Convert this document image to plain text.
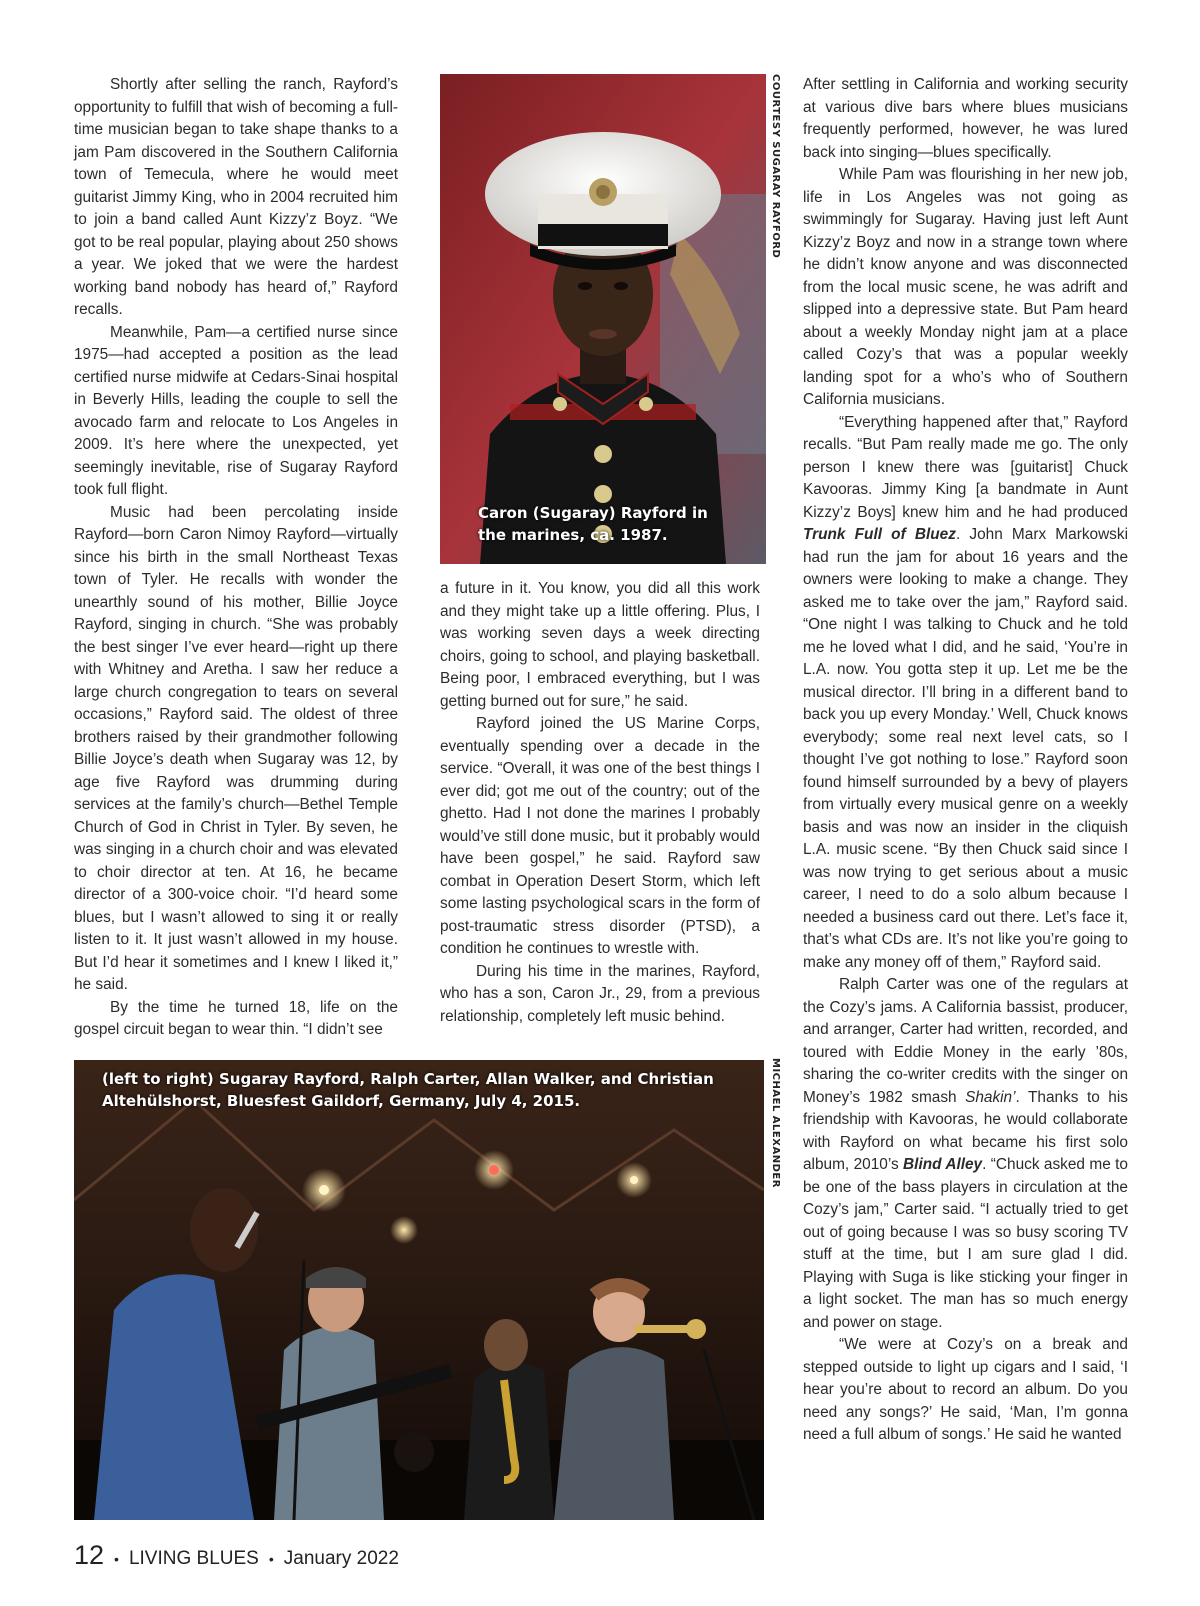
Shortly after selling the ranch, Rayford’s opportunity to fulfill that wish of becoming a full-time musician began to take shape thanks to a jam Pam discovered in the Southern California town of Temecula, where he would meet guitarist Jimmy King, who in 2004 recruited him to join a band called Aunt Kizzy’z Boyz. “We got to be real popular, playing about 250 shows a year. We joked that we were the hardest working band nobody has heard of,” Rayford recalls.

Meanwhile, Pam—a certified nurse since 1975—had accepted a position as the lead certified nurse midwife at Cedars-Sinai hospital in Beverly Hills, leading the couple to sell the avocado farm and relocate to Los Angeles in 2009. It’s here where the unexpected, yet seemingly inevitable, rise of Sugaray Rayford took full flight.

Music had been percolating inside Rayford—born Caron Nimoy Rayford—virtually since his birth in the small Northeast Texas town of Tyler. He recalls with wonder the unearthly sound of his mother, Billie Joyce Rayford, singing in church. “She was probably the best singer I’ve ever heard—right up there with Whitney and Aretha. I saw her reduce a large church congregation to tears on several occasions,” Rayford said. The oldest of three brothers raised by their grandmother following Billie Joyce’s death when Sugaray was 12, by age five Rayford was drumming during services at the family’s church—Bethel Temple Church of God in Christ in Tyler. By seven, he was singing in a church choir and was elevated to choir director at ten. At 16, he became director of a 300-voice choir. “I’d heard some blues, but I wasn’t allowed to sing it or really listen to it. It just wasn’t allowed in my house. But I’d hear it sometimes and I knew I liked it,” he said.

By the time he turned 18, life on the gospel circuit began to wear thin. “I didn’t see

Caron (Sugaray) Rayford in the marines, ca. 1987.
COURTESY SUGARAY RAYFORD

a future in it. You know, you did all this work and they might take up a little offering. Plus, I was working seven days a week directing choirs, going to school, and playing basketball. Being poor, I embraced everything, but I was getting burned out for sure,” he said.

Rayford joined the US Marine Corps, eventually spending over a decade in the service. “Overall, it was one of the best things I ever did; got me out of the country; out of the ghetto. Had I not done the marines I probably would’ve still done music, but it probably would have been gospel,” he said. Rayford saw combat in Operation Desert Storm, which left some lasting psychological scars in the form of post-traumatic stress disorder (PTSD), a condition he continues to wrestle with.

During his time in the marines, Rayford, who has a son, Caron Jr., 29, from a previous relationship, completely left music behind.

After settling in California and working security at various dive bars where blues musicians frequently performed, however, he was lured back into singing—blues specifically.

While Pam was flourishing in her new job, life in Los Angeles was not going as swimmingly for Sugaray. Having just left Aunt Kizzy’z Boyz and now in a strange town where he didn’t know anyone and was disconnected from the local music scene, he was adrift and slipped into a depressive state. But Pam heard about a weekly Monday night jam at a place called Cozy’s that was a popular weekly landing spot for a who’s who of Southern California musicians.

“Everything happened after that,” Rayford recalls. “But Pam really made me go. The only person I knew there was [guitarist] Chuck Kavooras. Jimmy King [a bandmate in Aunt Kizzy’z Boys] knew him and he had produced Trunk Full of Bluez. John Marx Markowski had run the jam for about 16 years and the owners were looking to make a change. They asked me to take over the jam,” Rayford said. “One night I was talking to Chuck and he told me he loved what I did, and he said, ‘You’re in L.A. now. You gotta step it up. Let me be the musical director. I’ll bring in a different band to back you up every Monday.’ Well, Chuck knows everybody; some real next level cats, so I thought I’ve got nothing to lose.” Rayford soon found himself surrounded by a bevy of players from virtually every musical genre on a weekly basis and was now an insider in the cliquish L.A. music scene. “By then Chuck said since I was now trying to get serious about a music career, I need to do a solo album because I needed a business card out there. Let’s face it, that’s what CDs are. It’s not like you’re going to make any money off of them,” Rayford said.

Ralph Carter was one of the regulars at the Cozy’s jams. A California bassist, producer, and arranger, Carter had written, recorded, and toured with Eddie Money in the early ’80s, sharing the co-writer credits with the singer on Money’s 1982 smash Shakin’. Thanks to his friendship with Kavooras, he would collaborate with Rayford on what became his first solo album, 2010’s Blind Alley. “Chuck asked me to be one of the bass players in circulation at the Cozy’s jam,” Carter said. “I actually tried to get out of going because I was so busy scoring TV stuff at the time, but I am sure glad I did. Playing with Suga is like sticking your finger in a light socket. The man has so much energy and power on stage.

“We were at Cozy’s on a break and stepped outside to light up cigars and I said, ‘I hear you’re about to record an album. Do you need any songs?’ He said, ‘Man, I’m gonna need a full album of songs.’ He said he wanted

(left to right) Sugaray Rayford, Ralph Carter, Allan Walker, and Christian Altehülshorst, Bluesfest Gaildorf, Germany, July 4, 2015.	MICHAEL ALEXANDER
12 • LIVING BLUES • January 2022
